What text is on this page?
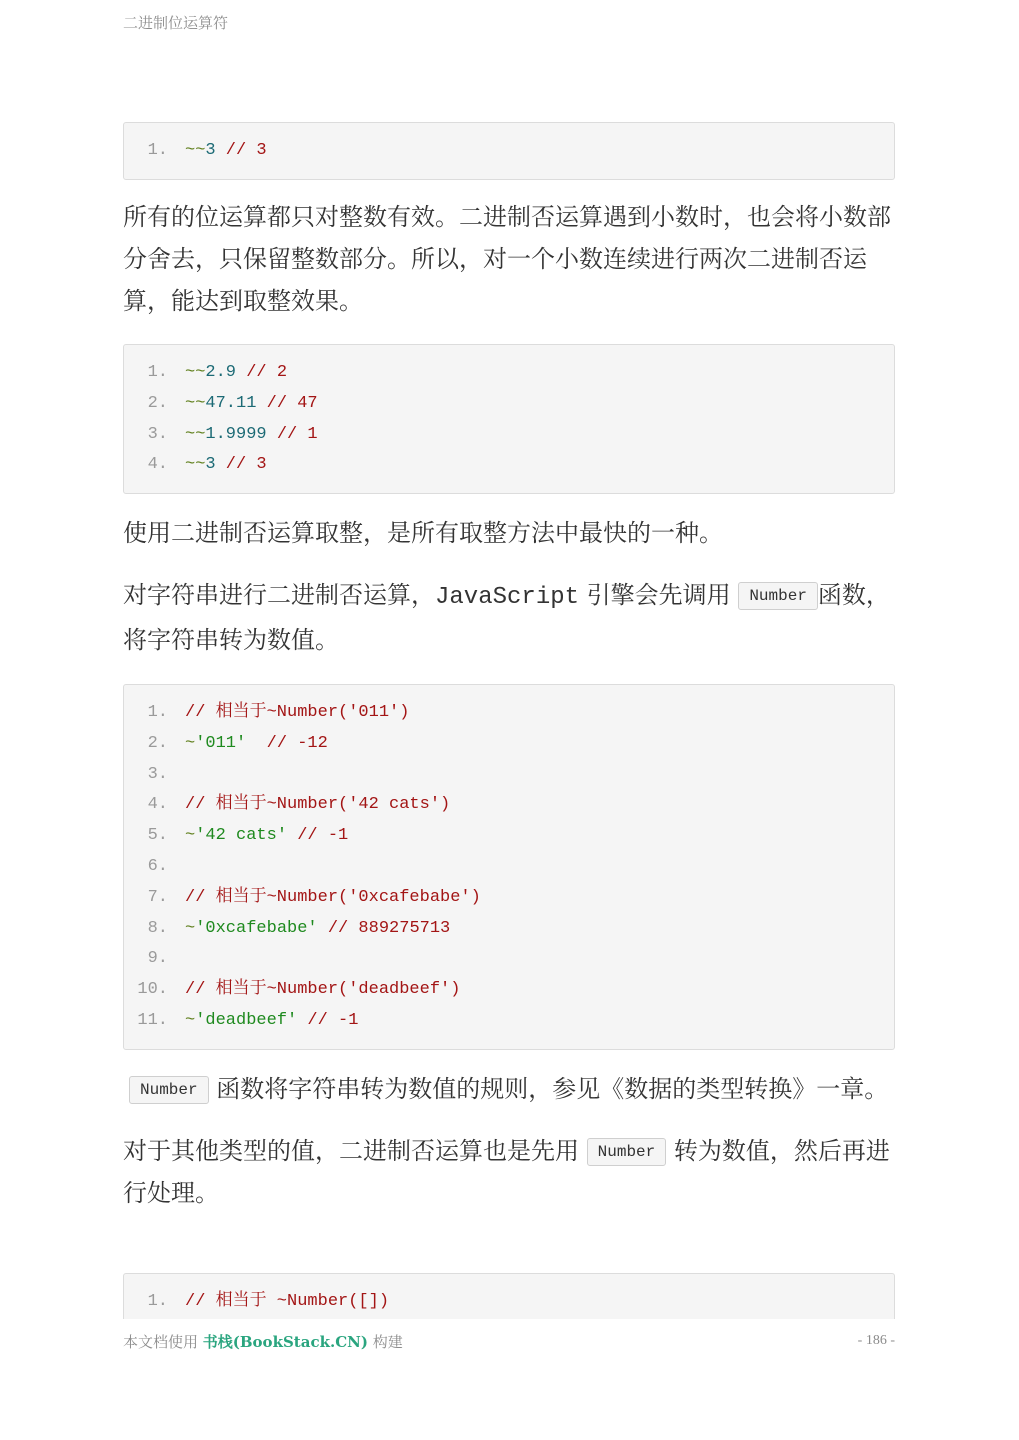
二进制位运算符
1. ~~3 // 3

所有的位运算都只对整数有效。二进制否运算遇到小数时，也会将小数部分舍去，只保留整数部分。所以，对一个小数连续进行两次二进制否运算，能达到取整效果。

1. ~~2.9 // 2
2. ~~47.11 // 47
3. ~~1.9999 // 1
4. ~~3 // 3

使用二进制否运算取整，是所有取整方法中最快的一种。

对字符串进行二进制否运算，JavaScript 引擎会先调用 Number 函数，将字符串转为数值。

1. // 相当于~Number('011')
2. ~'011'  // -12
3.
4. // 相当于~Number('42 cats')
5. ~'42 cats' // -1
6.
7. // 相当于~Number('0xcafebabe')
8. ~'0xcafebabe' // 889275713
9.
10. // 相当于~Number('deadbeef')
11. ~'deadbeef' // -1

Number 函数将字符串转为数值的规则，参见《数据的类型转换》一章。

对于其他类型的值，二进制否运算也是先用 Number 转为数值，然后再进行处理。

1. // 相当于 ~Number([])
本文档使用 书栈(BookStack.CN) 构建	- 186 -
